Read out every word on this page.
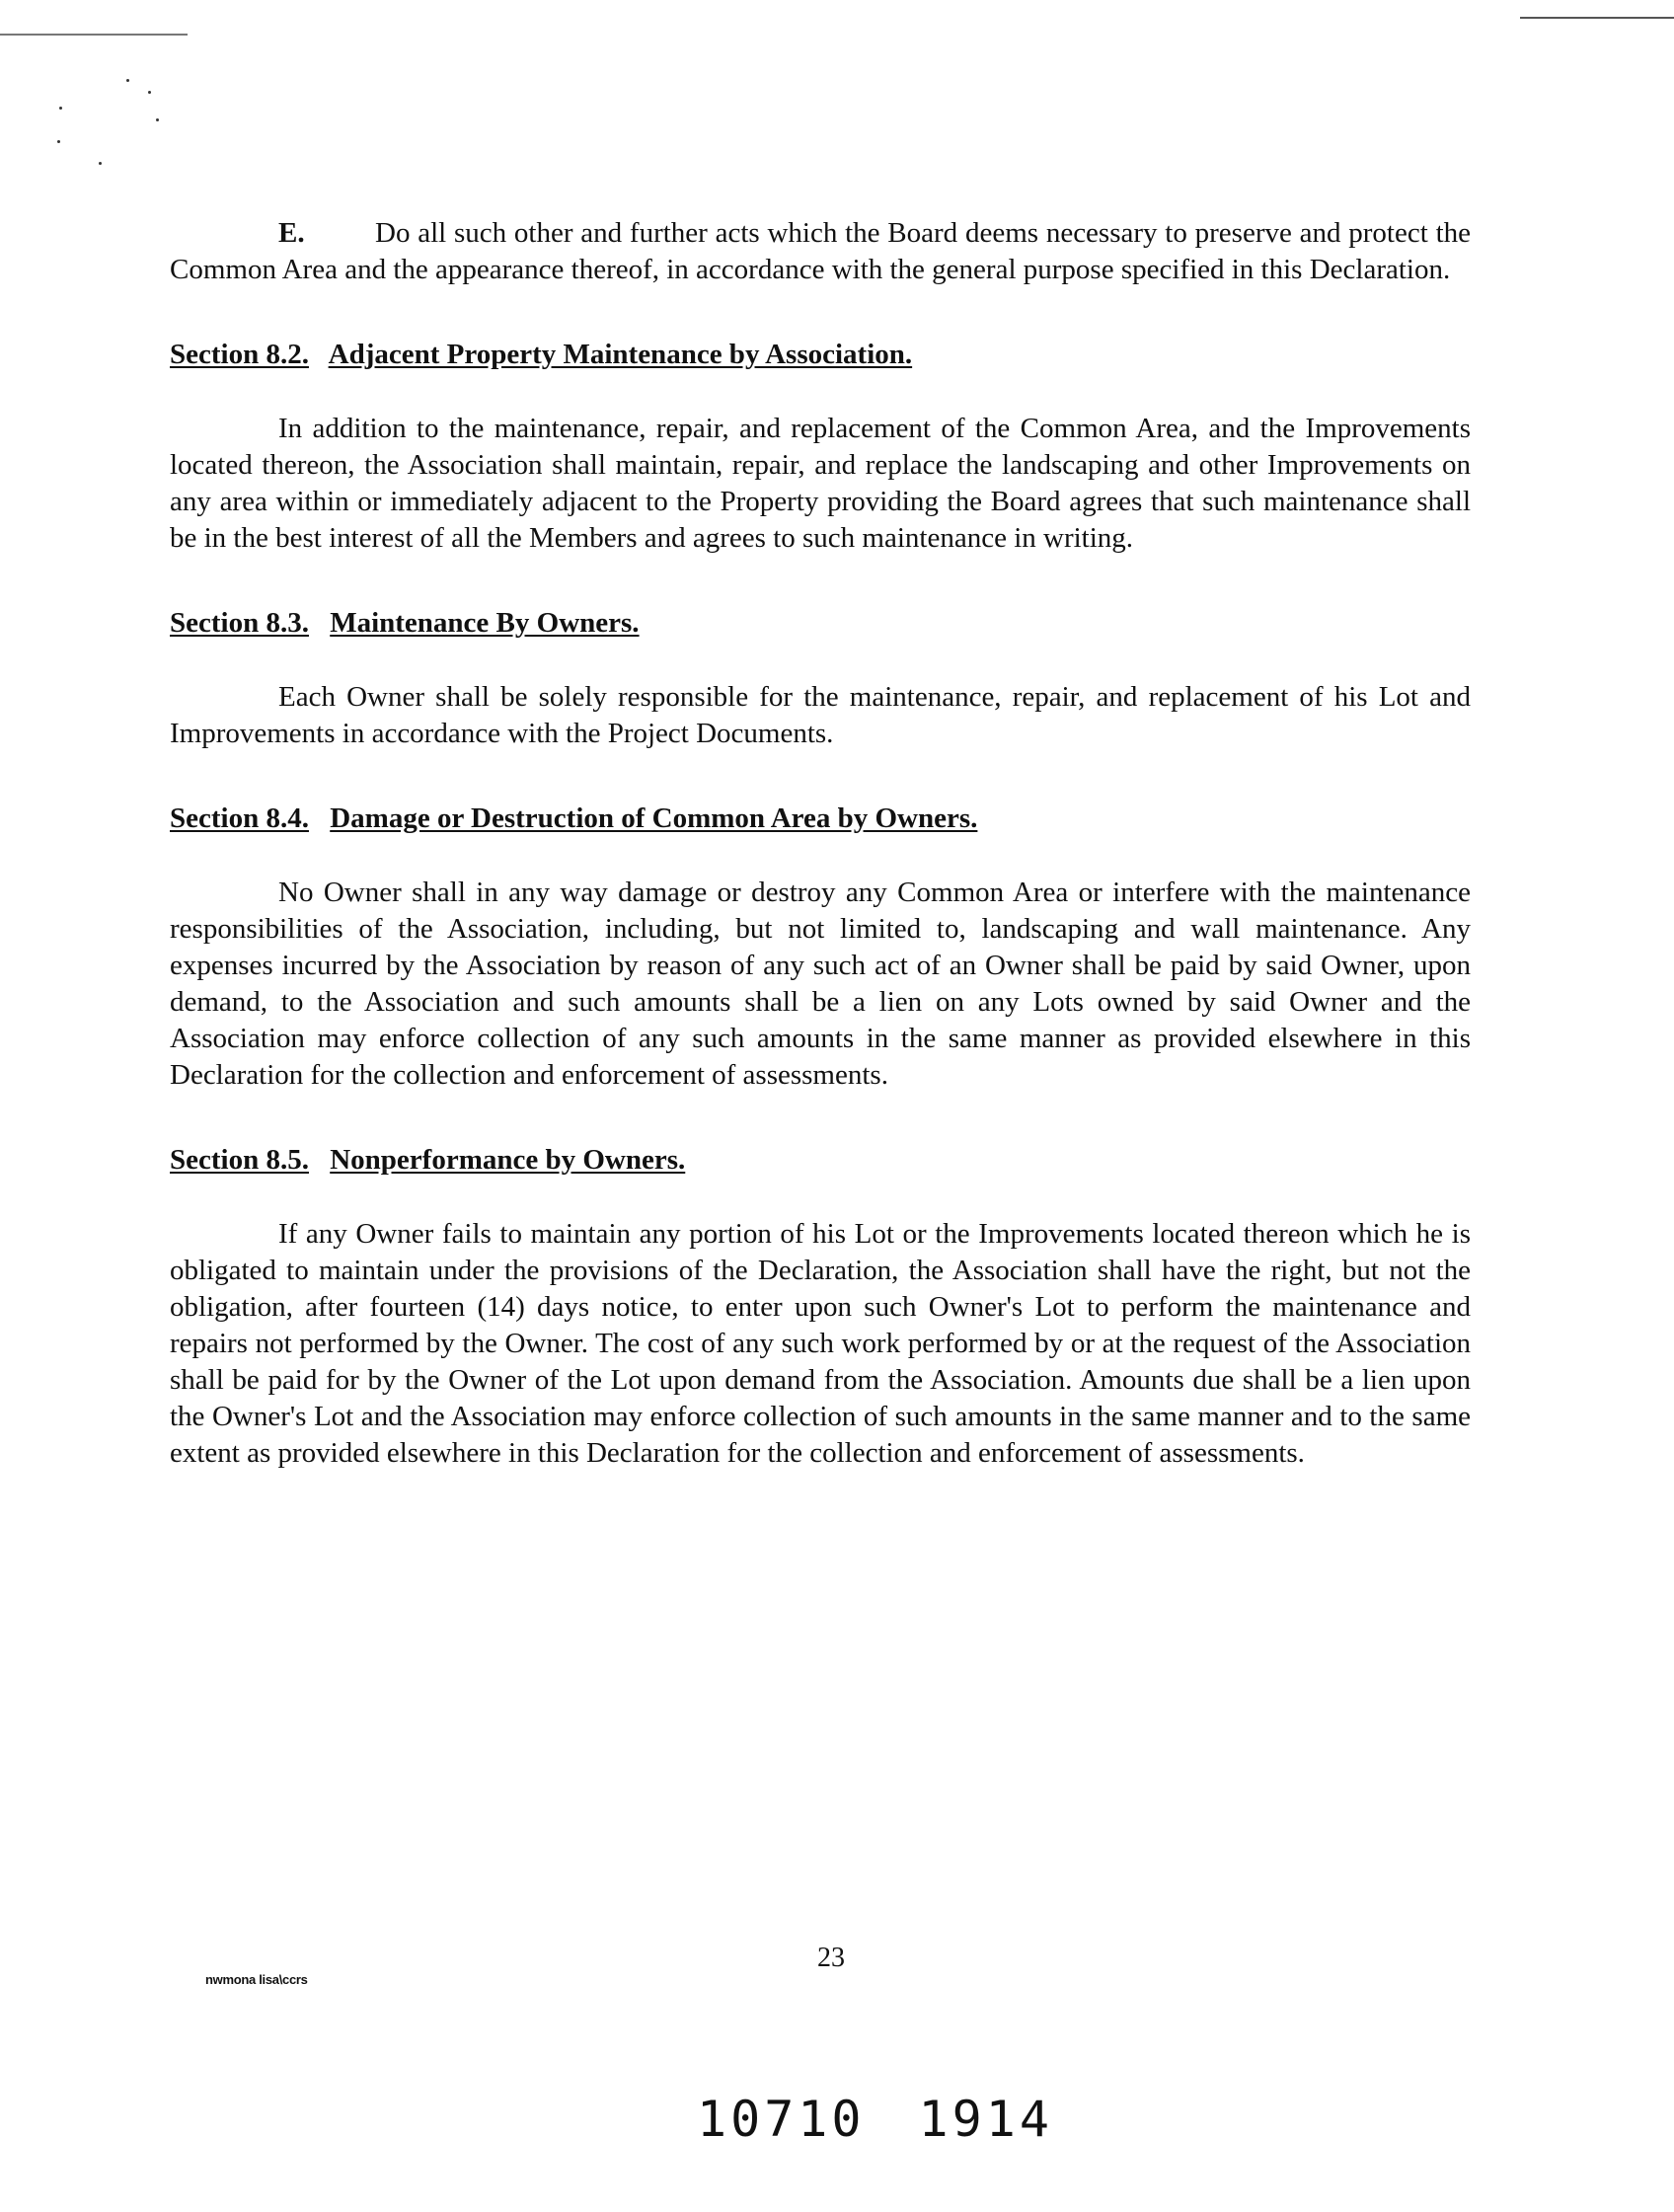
E. Do all such other and further acts which the Board deems necessary to preserve and protect the Common Area and the appearance thereof, in accordance with the general purpose specified in this Declaration.

Section 8.2. Adjacent Property Maintenance by Association.

In addition to the maintenance, repair, and replacement of the Common Area, and the Improvements located thereon, the Association shall maintain, repair, and replace the landscaping and other Improvements on any area within or immediately adjacent to the Property providing the Board agrees that such maintenance shall be in the best interest of all the Members and agrees to such maintenance in writing.

Section 8.3. Maintenance By Owners.

Each Owner shall be solely responsible for the maintenance, repair, and replacement of his Lot and Improvements in accordance with the Project Documents.

Section 8.4. Damage or Destruction of Common Area by Owners.

No Owner shall in any way damage or destroy any Common Area or interfere with the maintenance responsibilities of the Association, including, but not limited to, landscaping and wall maintenance. Any expenses incurred by the Association by reason of any such act of an Owner shall be paid by said Owner, upon demand, to the Association and such amounts shall be a lien on any Lots owned by said Owner and the Association may enforce collection of any such amounts in the same manner as provided elsewhere in this Declaration for the collection and enforcement of assessments.

Section 8.5. Nonperformance by Owners.

If any Owner fails to maintain any portion of his Lot or the Improvements located thereon which he is obligated to maintain under the provisions of the Declaration, the Association shall have the right, but not the obligation, after fourteen (14) days notice, to enter upon such Owner's Lot to perform the maintenance and repairs not performed by the Owner. The cost of any such work performed by or at the request of the Association shall be paid for by the Owner of the Lot upon demand from the Association. Amounts due shall be a lien upon the Owner's Lot and the Association may enforce collection of such amounts in the same manner and to the same extent as provided elsewhere in this Declaration for the collection and enforcement of assessments.

23
nwmona lisa\ccrs
10710 1914
